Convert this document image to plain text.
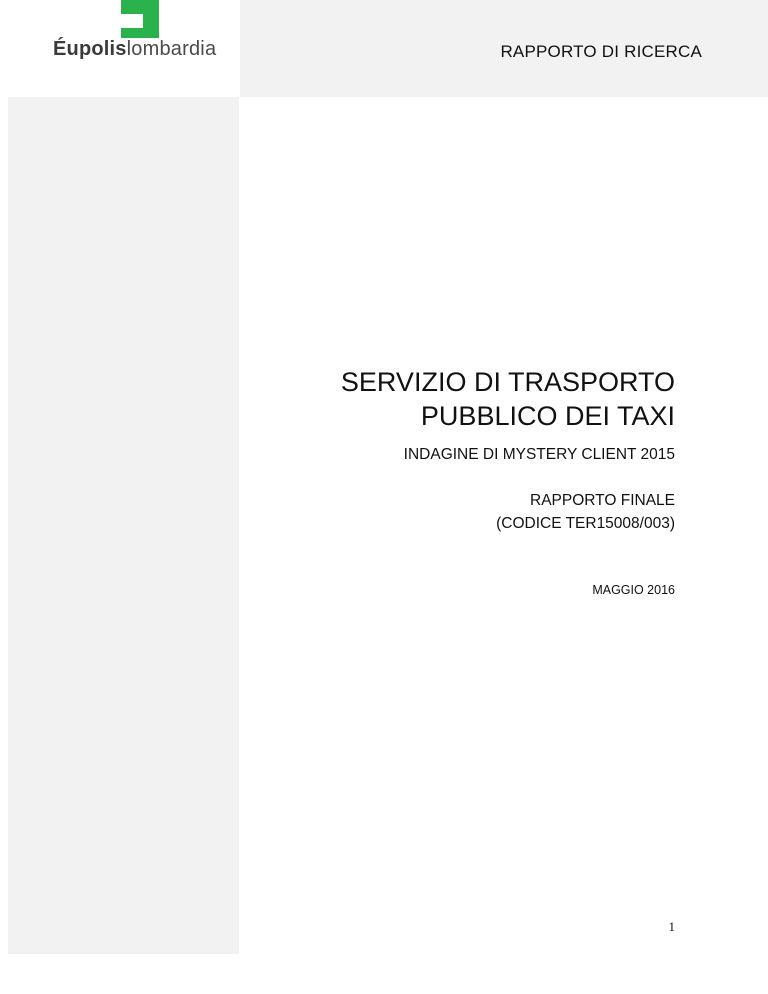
Éupolislombardia	RAPPORTO DI RICERCA
SERVIZIO DI TRASPORTO
PUBBLICO DEI TAXI
INDAGINE DI MYSTERY CLIENT 2015
RAPPORTO FINALE
(CODICE TER15008/003)
MAGGIO 2016
1
